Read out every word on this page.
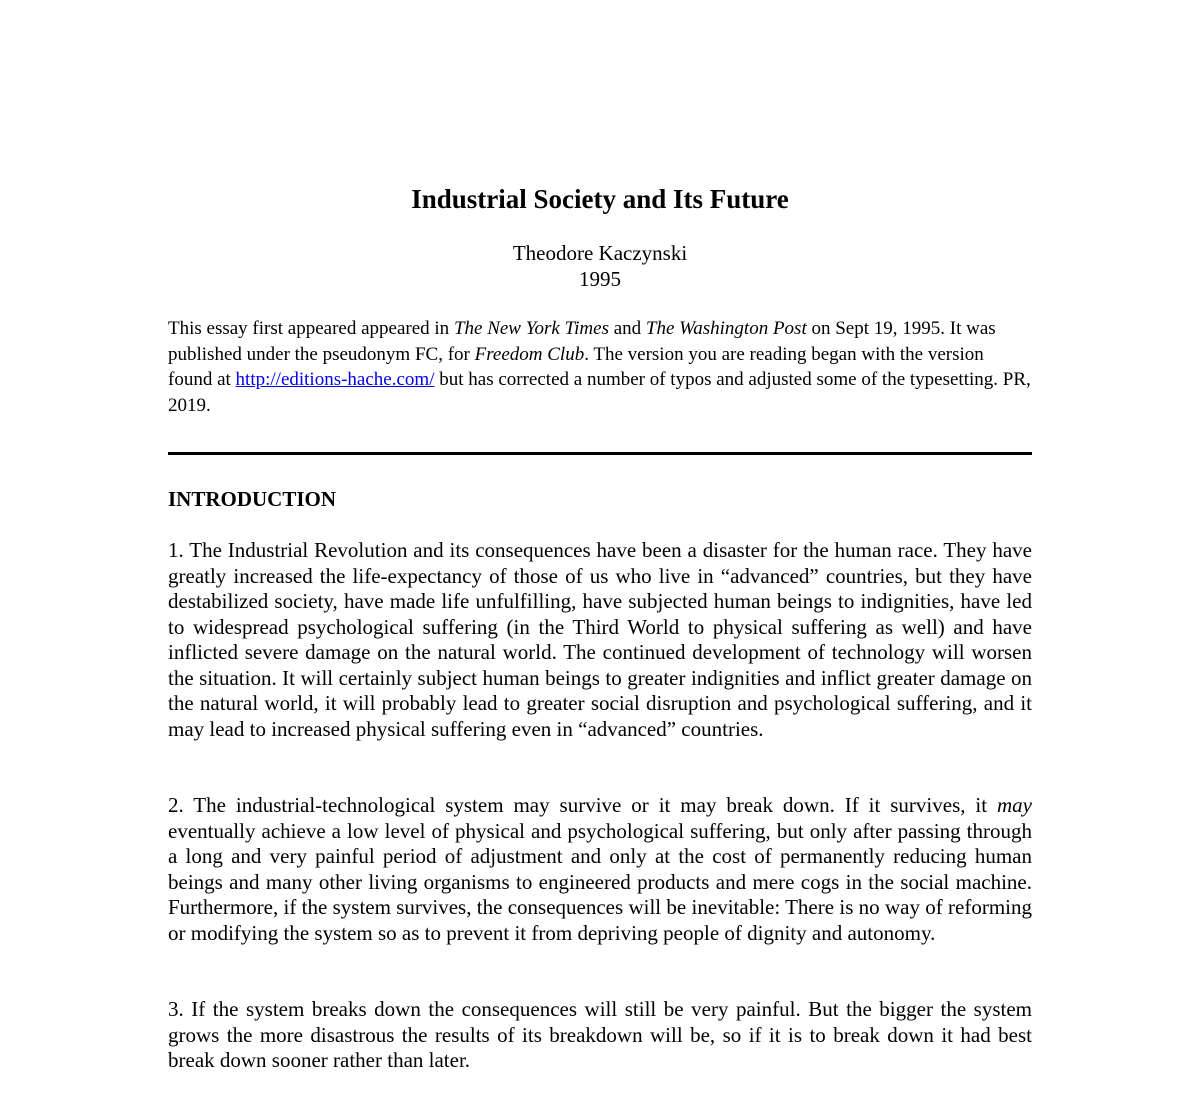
Industrial Society and Its Future
Theodore Kaczynski
1995
This essay first appeared appeared in The New York Times and The Washington Post on Sept 19, 1995. It was published under the pseudonym FC, for Freedom Club. The version you are reading began with the version found at http://editions-hache.com/ but has corrected a number of typos and adjusted some of the typesetting. PR, 2019.
INTRODUCTION
1. The Industrial Revolution and its consequences have been a disaster for the human race. They have greatly increased the life-expectancy of those of us who live in “advanced” countries, but they have destabilized society, have made life unfulfilling, have subjected human beings to indignities, have led to widespread psychological suffering (in the Third World to physical suffering as well) and have inflicted severe damage on the natural world. The continued development of technology will worsen the situation. It will certainly subject human beings to greater indignities and inflict greater damage on the natural world, it will probably lead to greater social disruption and psychological suffering, and it may lead to increased physical suffering even in “advanced” countries.
2. The industrial-technological system may survive or it may break down. If it survives, it may eventually achieve a low level of physical and psychological suffering, but only after passing through a long and very painful period of adjustment and only at the cost of permanently reducing human beings and many other living organisms to engineered products and mere cogs in the social machine. Furthermore, if the system survives, the consequences will be inevitable: There is no way of reforming or modifying the system so as to prevent it from depriving people of dignity and autonomy.
3. If the system breaks down the consequences will still be very painful. But the bigger the system grows the more disastrous the results of its breakdown will be, so if it is to break down it had best break down sooner rather than later.
